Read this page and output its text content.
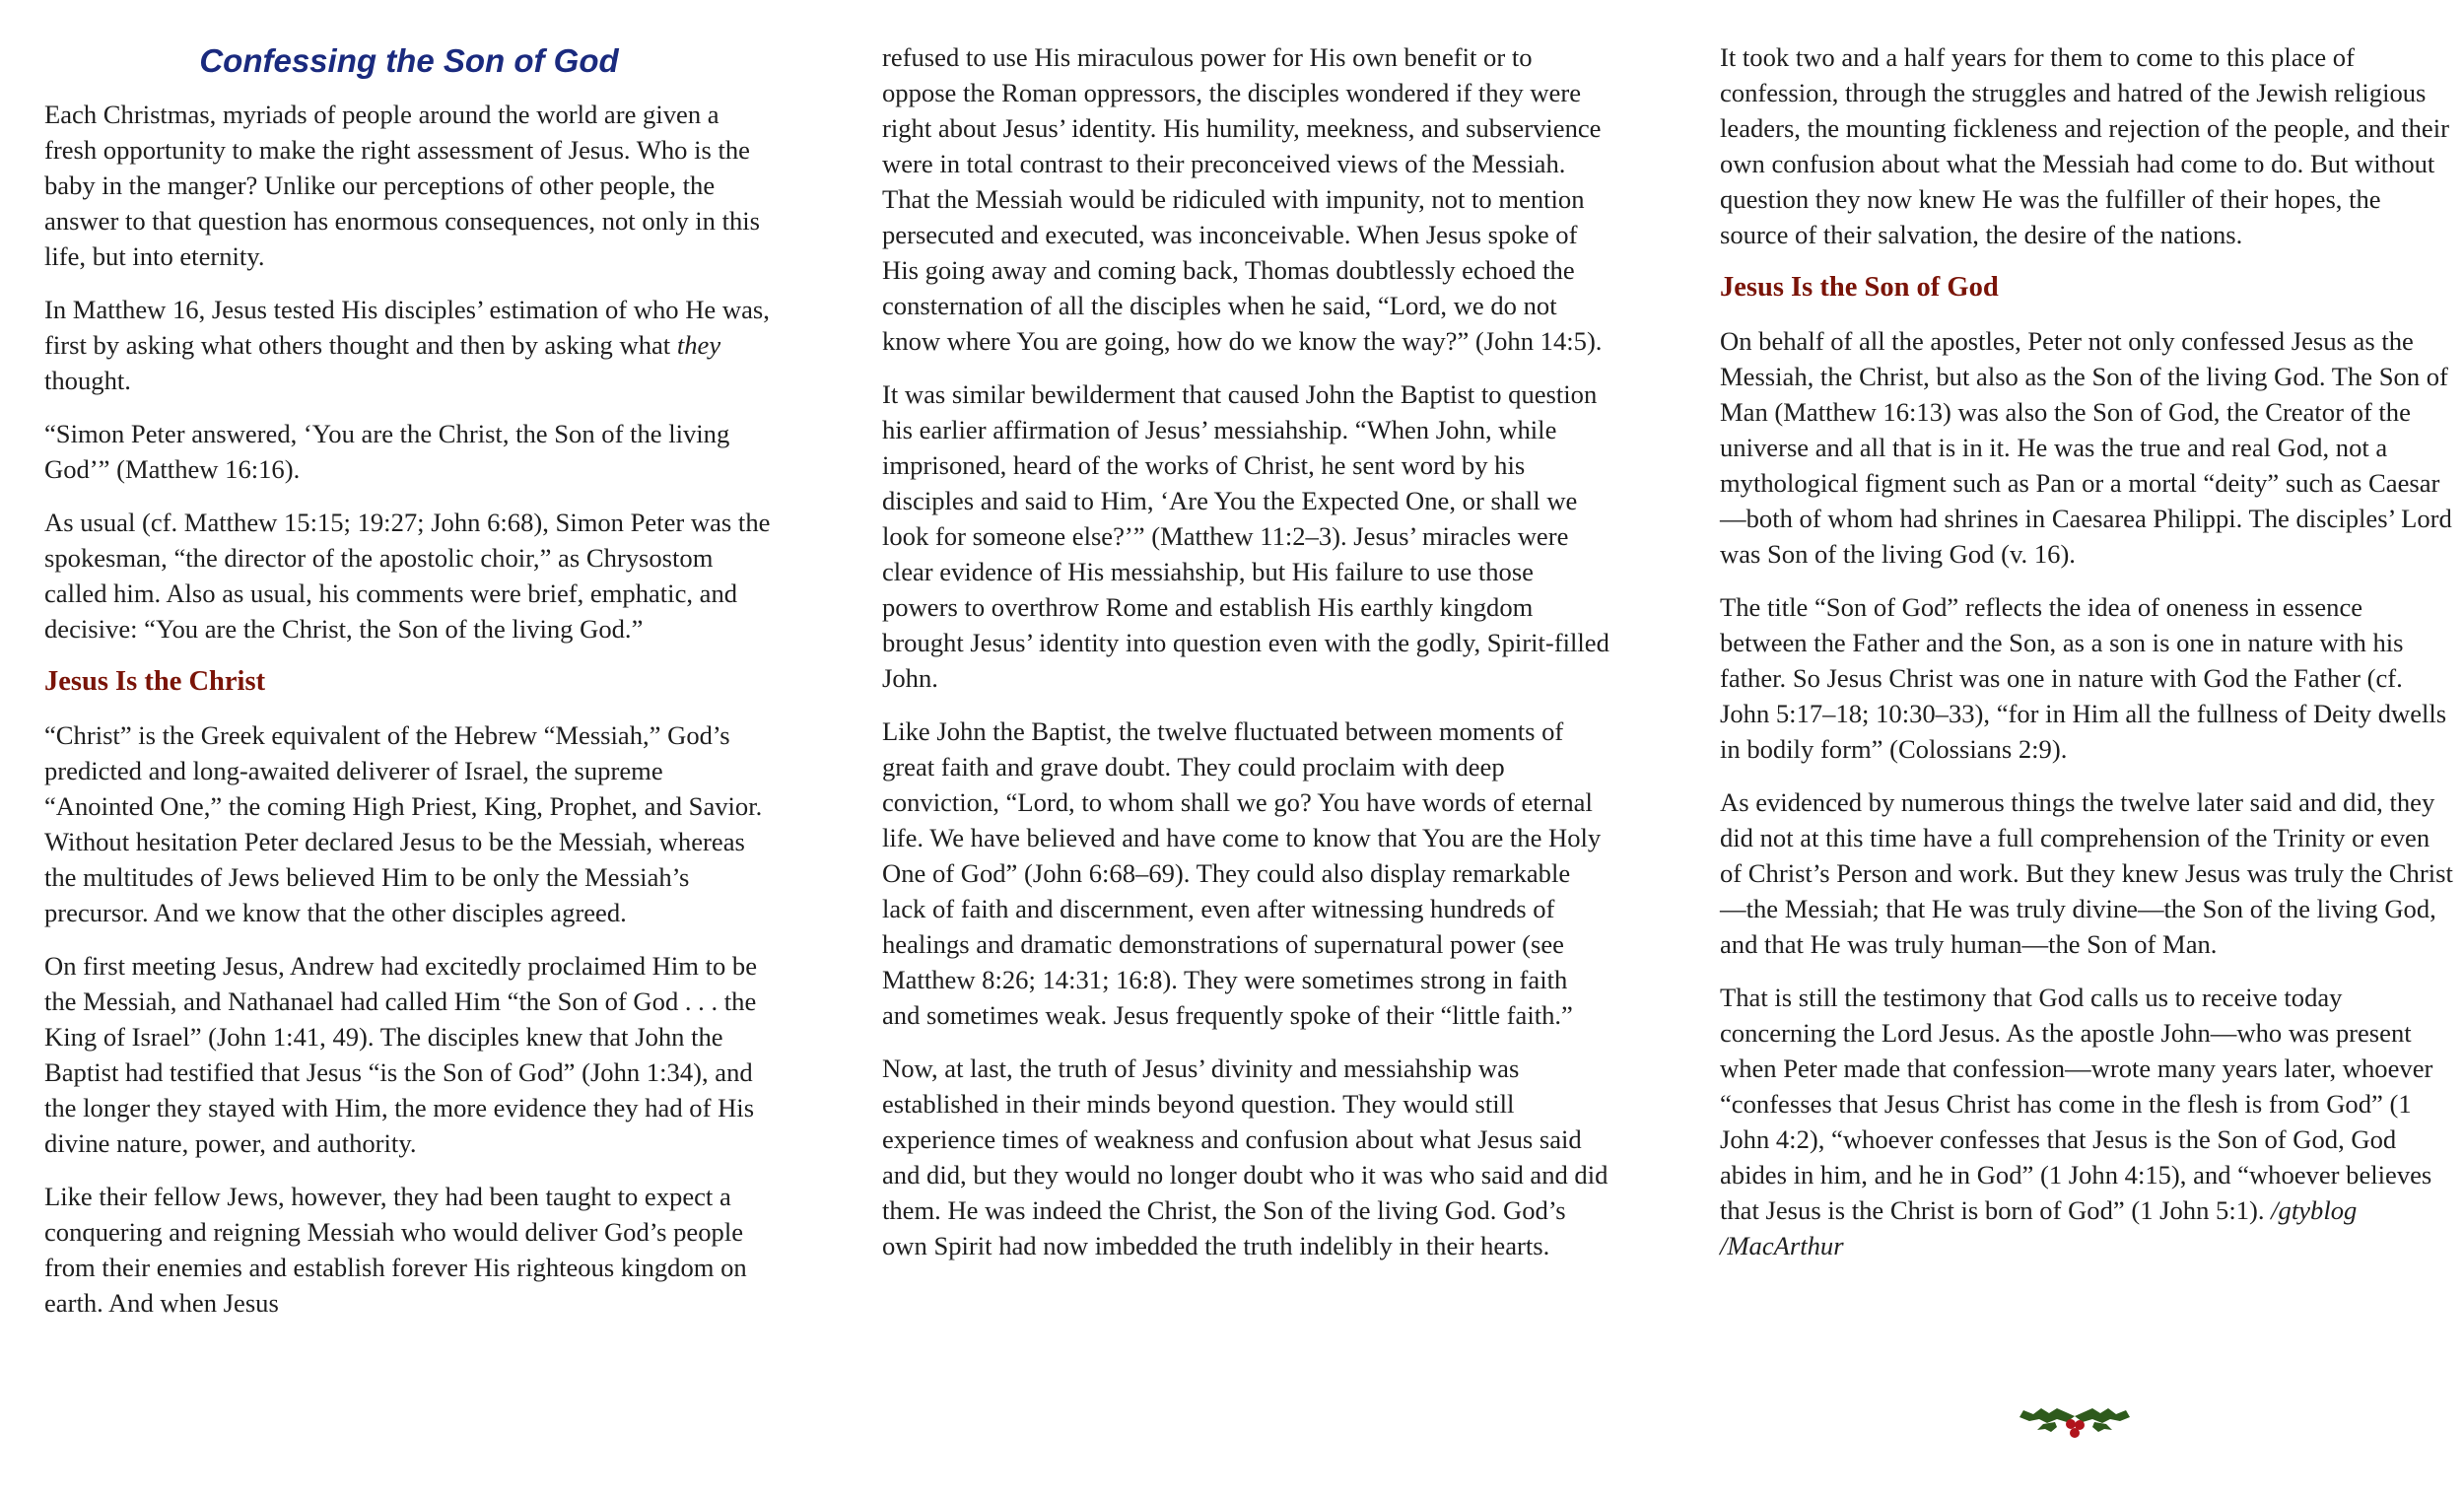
Confessing the Son of God

Each Christmas, myriads of people around the world are given a fresh opportunity to make the right assessment of Jesus. Who is the baby in the manger? Unlike our perceptions of other people, the answer to that question has enormous consequences, not only in this life, but into eternity.

In Matthew 16, Jesus tested His disciples’ estimation of who He was, first by asking what others thought and then by asking what they thought.

“Simon Peter answered, ‘You are the Christ, the Son of the living God’” (Matthew 16:16).

As usual (cf. Matthew 15:15; 19:27; John 6:68), Simon Peter was the spokesman, “the director of the apostolic choir,” as Chrysostom called him. Also as usual, his comments were brief, emphatic, and decisive: “You are the Christ, the Son of the living God.”

Jesus Is the Christ

“Christ” is the Greek equivalent of the Hebrew “Messiah,” God’s predicted and long-awaited deliverer of Israel, the supreme “Anointed One,” the coming High Priest, King, Prophet, and Savior. Without hesitation Peter declared Jesus to be the Messiah, whereas the multitudes of Jews believed Him to be only the Messiah’s precursor. And we know that the other disciples agreed.

On first meeting Jesus, Andrew had excitedly proclaimed Him to be the Messiah, and Nathanael had called Him “the Son of God . . . the King of Israel” (John 1:41, 49). The disciples knew that John the Baptist had testified that Jesus “is the Son of God” (John 1:34), and the longer they stayed with Him, the more evidence they had of His divine nature, power, and authority.

Like their fellow Jews, however, they had been taught to expect a conquering and reigning Messiah who would deliver God’s people from their enemies and establish forever His righteous kingdom on earth. And when Jesus

refused to use His miraculous power for His own benefit or to oppose the Roman oppressors, the disciples wondered if they were right about Jesus’ identity. His humility, meekness, and subservience were in total contrast to their preconceived views of the Messiah. That the Messiah would be ridiculed with impunity, not to mention persecuted and executed, was inconceivable. When Jesus spoke of His going away and coming back, Thomas doubtlessly echoed the consternation of all the disciples when he said, “Lord, we do not know where You are going, how do we know the way?” (John 14:5).

It was similar bewilderment that caused John the Baptist to question his earlier affirmation of Jesus’ messiahship. “When John, while imprisoned, heard of the works of Christ, he sent word by his disciples and said to Him, ‘Are You the Expected One, or shall we look for someone else?’” (Matthew 11:2–3). Jesus’ miracles were clear evidence of His messiahship, but His failure to use those powers to overthrow Rome and establish His earthly kingdom brought Jesus’ identity into question even with the godly, Spirit-filled John.

Like John the Baptist, the twelve fluctuated between moments of great faith and grave doubt. They could proclaim with deep conviction, “Lord, to whom shall we go? You have words of eternal life. We have believed and have come to know that You are the Holy One of God” (John 6:68–69). They could also display remarkable lack of faith and discernment, even after witnessing hundreds of healings and dramatic demonstrations of supernatural power (see Matthew 8:26; 14:31; 16:8). They were sometimes strong in faith and sometimes weak. Jesus frequently spoke of their “little faith.”

Now, at last, the truth of Jesus’ divinity and messiahship was established in their minds beyond question. They would still experience times of weakness and confusion about what Jesus said and did, but they would no longer doubt who it was who said and did them. He was indeed the Christ, the Son of the living God. God’s own Spirit had now imbedded the truth indelibly in their hearts.

It took two and a half years for them to come to this place of confession, through the struggles and hatred of the Jewish religious leaders, the mounting fickleness and rejection of the people, and their own confusion about what the Messiah had come to do. But without question they now knew He was the fulfiller of their hopes, the source of their salvation, the desire of the nations.

Jesus Is the Son of God

On behalf of all the apostles, Peter not only confessed Jesus as the Messiah, the Christ, but also as the Son of the living God. The Son of Man (Matthew 16:13) was also the Son of God, the Creator of the universe and all that is in it. He was the true and real God, not a mythological figment such as Pan or a mortal “deity” such as Caesar—both of whom had shrines in Caesarea Philippi. The disciples’ Lord was Son of the living God (v. 16).

The title “Son of God” reflects the idea of oneness in essence between the Father and the Son, as a son is one in nature with his father. So Jesus Christ was one in nature with God the Father (cf. John 5:17–18; 10:30–33), “for in Him all the fullness of Deity dwells in bodily form” (Colossians 2:9).

As evidenced by numerous things the twelve later said and did, they did not at this time have a full comprehension of the Trinity or even of Christ’s Person and work. But they knew Jesus was truly the Christ—the Messiah; that He was truly divine—the Son of the living God, and that He was truly human—the Son of Man.

That is still the testimony that God calls us to receive today concerning the Lord Jesus. As the apostle John—who was present when Peter made that confession—wrote many years later, whoever “confesses that Jesus Christ has come in the flesh is from God” (1 John 4:2), “whoever confesses that Jesus is the Son of God, God abides in him, and he in God” (1 John 4:15), and “whoever believes that Jesus is the Christ is born of God” (1 John 5:1). /gtyblog /MacArthur
